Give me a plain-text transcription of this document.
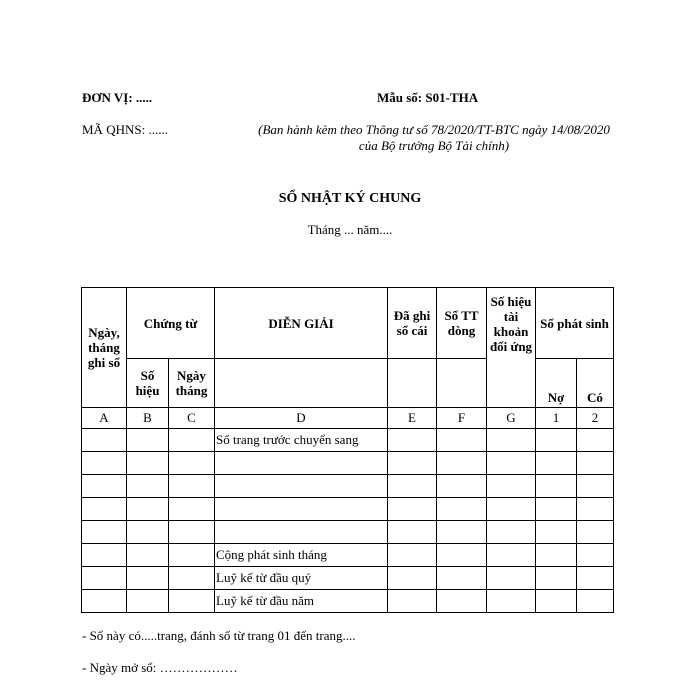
ĐƠN VỊ: .....
MÃ QHNS: ......
Mẫu số: S01-THA
(Ban hành kèm theo Thông tư số 78/2020/TT-BTC ngày 14/08/2020
của Bộ trưởng Bộ Tài chính)
SỔ NHẬT KÝ CHUNG
Tháng ... năm....
Ngày, tháng ghi sổ	Chứng từ		DIỄN GIẢI	Đã ghi sổ cái	Số TT dòng	Số hiệu tài khoản đối ứng	Số phát sinh	
	Số hiệu	Ngày tháng					Nợ	Có
A	B	C	D	E	F	G	1	2
			Số trang trước chuyển sang					

			Cộng phát sinh tháng					
			Luỹ kế từ đầu quý					
			Luỹ kế từ đầu năm					
- Sổ này có.....trang, đánh số từ trang 01 đến trang....
- Ngày mở sổ: ………………
